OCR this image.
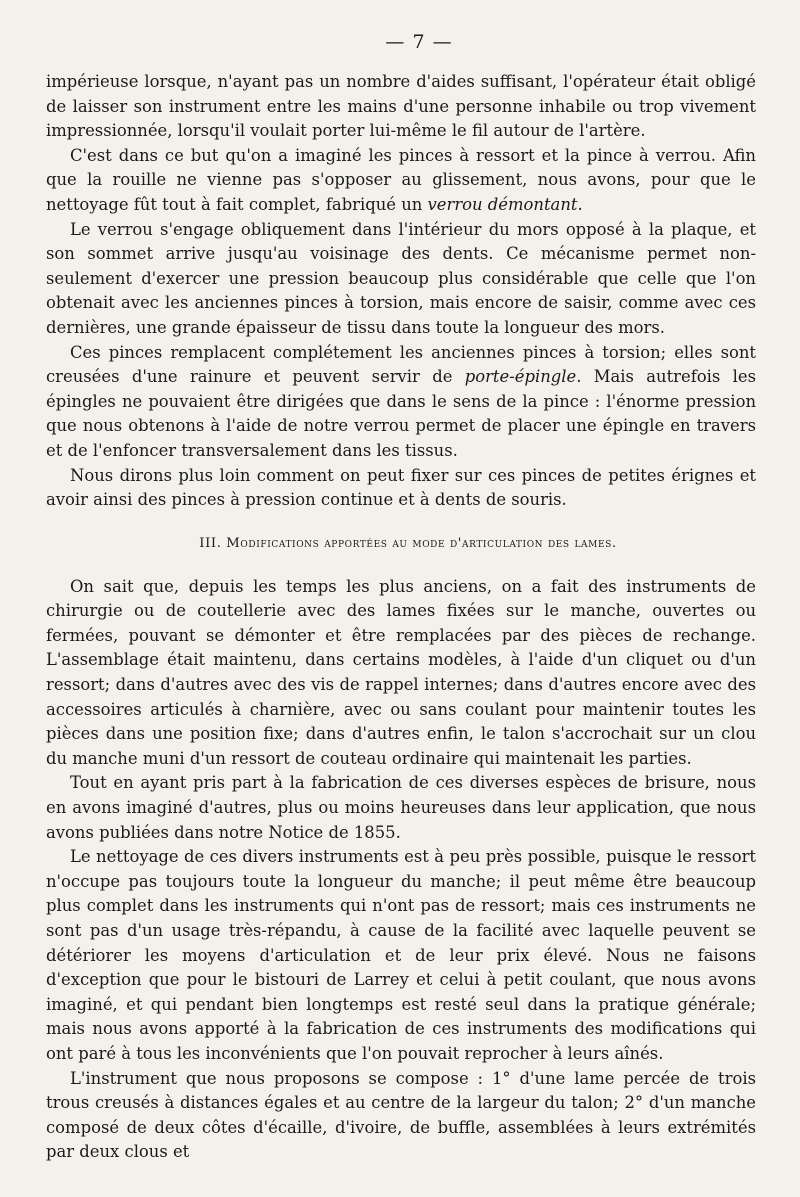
— 7 —

impérieuse lorsque, n'ayant pas un nombre d'aides suffisant, l'opérateur était obligé de laisser son instrument entre les mains d'une personne inhabile ou trop vivement impressionnée, lorsqu'il voulait porter lui-même le fil autour de l'artère.

C'est dans ce but qu'on a imaginé les pinces à ressort et la pince à verrou. Afin que la rouille ne vienne pas s'opposer au glissement, nous avons, pour que le nettoyage fût tout à fait complet, fabriqué un verrou démontant.

Le verrou s'engage obliquement dans l'intérieur du mors opposé à la plaque, et son sommet arrive jusqu'au voisinage des dents. Ce mécanisme permet non-seulement d'exercer une pression beaucoup plus considérable que celle que l'on obtenait avec les anciennes pinces à torsion, mais encore de saisir, comme avec ces dernières, une grande épaisseur de tissu dans toute la longueur des mors.

Ces pinces remplacent complétement les anciennes pinces à torsion; elles sont creusées d'une rainure et peuvent servir de porte-épingle. Mais autrefois les épingles ne pouvaient être dirigées que dans le sens de la pince : l'énorme pression que nous obtenons à l'aide de notre verrou permet de placer une épingle en travers et de l'enfoncer transversalement dans les tissus.

Nous dirons plus loin comment on peut fixer sur ces pinces de petites érignes et avoir ainsi des pinces à pression continue et à dents de souris.

III. Modifications apportées au mode d'articulation des lames.

On sait que, depuis les temps les plus anciens, on a fait des instruments de chirurgie ou de coutellerie avec des lames fixées sur le manche, ouvertes ou fermées, pouvant se démonter et être remplacées par des pièces de rechange. L'assemblage était maintenu, dans certains modèles, à l'aide d'un cliquet ou d'un ressort; dans d'autres avec des vis de rappel internes; dans d'autres encore avec des accessoires articulés à charnière, avec ou sans coulant pour maintenir toutes les pièces dans une position fixe; dans d'autres enfin, le talon s'accrochait sur un clou du manche muni d'un ressort de couteau ordinaire qui maintenait les parties.

Tout en ayant pris part à la fabrication de ces diverses espèces de brisure, nous en avons imaginé d'autres, plus ou moins heureuses dans leur application, que nous avons publiées dans notre Notice de 1855.

Le nettoyage de ces divers instruments est à peu près possible, puisque le ressort n'occupe pas toujours toute la longueur du manche; il peut même être beaucoup plus complet dans les instruments qui n'ont pas de ressort; mais ces instruments ne sont pas d'un usage très-répandu, à cause de la facilité avec laquelle peuvent se détériorer les moyens d'articulation et de leur prix élevé. Nous ne faisons d'exception que pour le bistouri de Larrey et celui à petit coulant, que nous avons imaginé, et qui pendant bien longtemps est resté seul dans la pratique générale; mais nous avons apporté à la fabrication de ces instruments des modifications qui ont paré à tous les inconvénients que l'on pouvait reprocher à leurs aînés.

L'instrument que nous proposons se compose : 1° d'une lame percée de trois trous creusés à distances égales et au centre de la largeur du talon; 2° d'un manche composé de deux côtes d'écaille, d'ivoire, de buffle, assemblées à leurs extrémités par deux clous et
